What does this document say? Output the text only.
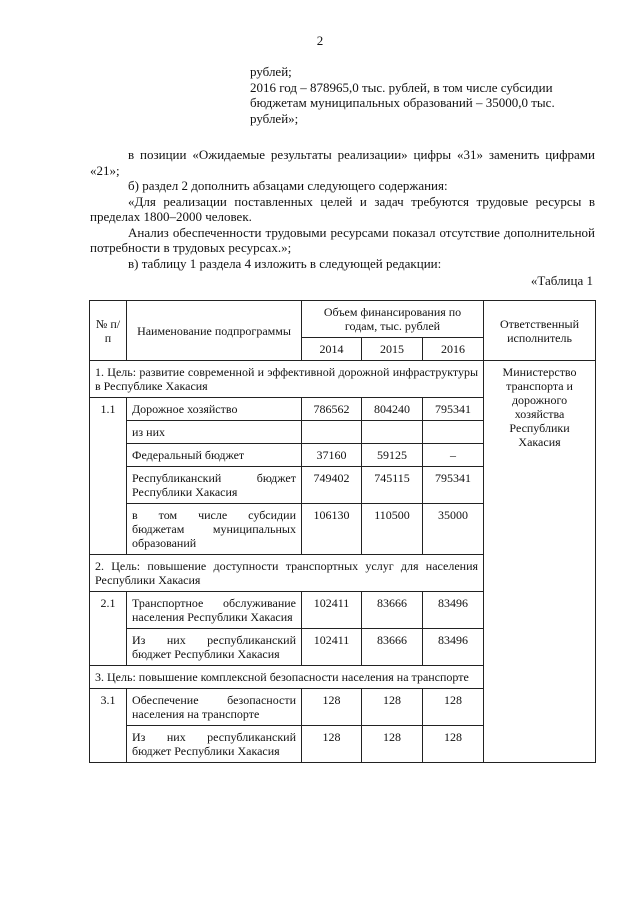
2
рублей;
2016 год – 878965,0 тыс. рублей, в том числе субсидии
бюджетам муниципальных образований – 35000,0 тыс.
рублей»;

в позиции «Ожидаемые результаты реализации» цифры «31» заменить цифрами «21»;

б) раздел 2 дополнить абзацами следующего содержания:

«Для реализации поставленных целей и задач требуются трудовые ресурсы в пределах 1800–2000 человек.

Анализ обеспеченности трудовыми ресурсами показал отсутствие дополнительной потребности в трудовых ресурсах.»;

в) таблицу 1 раздела 4 изложить в следующей редакции:

«Таблица 1
№ п/п	Наименование подпрограммы	Объем финансирования по годам, тыс. рублей			Ответственный исполнитель
		2014	2015	2016	
1. Цель: развитие современной и эффективной дорожной инфраструктуры в Республике Хакасия					Министерство транспорта и дорожного хозяйства Республики Хакасия
1.1	Дорожное хозяйство	786562	804240	795341	
	из них				
	Федеральный бюджет	37160	59125	–	
	Республиканский бюджет Республики Хакасия	749402	745115	795341	
	в том числе субсидии бюджетам муниципальных образований	106130	110500	35000	
2. Цель: повышение доступности транспортных услуг для населения Республики Хакасия					
2.1	Транспортное обслуживание населения Республики Хакасия	102411	83666	83496	
	Из них республиканский бюджет Республики Хакасия	102411	83666	83496	
3. Цель: повышение комплексной безопасности населения на транспорте					
3.1	Обеспечение безопасности населения на транспорте	128	128	128	
	Из них республиканский бюджет Республики Хакасия	128	128	128	
